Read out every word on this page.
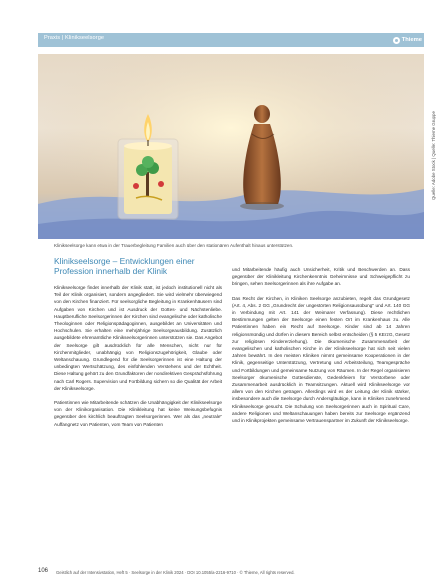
Praxis | Klinikseelsorge	Thieme

Klinikseelsorge kann etwa in der Trauerbegleitung Familien auch über den stationären Aufenthalt hinaus unterstützen.

Quelle: Adobe Stock | Quelle: Thieme Gruppe
Klinikseelsorge – Entwicklungen einer Profession innerhalb der Klinik

Klinikseelsorge findet innerhalb der Klinik statt, ist jedoch institutionell nicht als Teil der Klinik organisiert, sondern angegliedert. Sie wird vielmehr überwiegend von den Kirchen finanziert. Für seelsorgliche Begleitung in Krankenhäusern sind Aufgaben von Kirchen und ist Ausdruck der Gottes- und Nächstenliebe. Hauptberufliche Seelsorgerinnen der Kirchen sind evangelische oder katholische Theologinnen oder Religionspädagoginnen, ausgebildet an Universitäten und Hochschulen. Sie erhalten eine mehrjährige Seelsorgeausbildung. Zusätzlich ausgebildete ehrenamtliche Klinikseelsorgerinnen unterstützen sie. Das Angebot der Seelsorge gilt ausdrücklich für alle Menschen, nicht nur für Kirchenmitglieder, unabhängig von Religionszugehörigkeit, Glaube oder Weltanschauung. Grundlegend für die Seelsorgerinnen ist eine Haltung der unbedingten Wertschätzung, des einfühlenden Verstehens und der Echtheit. Diese Haltung gehört zu den Grundfaktoren der nondirektiven Gesprächsführung nach Carl Rogers. Supervision und Fortbildung sichern so die Qualität der Arbeit der Klinikseelsorge.

Patientinnen wie Mitarbeitende schätzen die Unabhängigkeit der Klinikseelsorge von der Klinikorganisation. Die Klinikleitung hat keine Weisungsbefugnis gegenüber den kirchlich beauftragten Seelsorgerinnen. Wer als das „neutrale“ Auffangnetz von Patienten, vom Team von Patienten

und Mitarbeitende häufig auch Unsicherheit, Kritik und Beschwerden an. Dass gegenüber der Klinikleitung Kirchenkenntnis Geheimnisse und Schweigepflicht zu bringen, sehen Seelsorgerinnen als ihre Aufgabe an.

Das Recht der Kirchen, in Kliniken Seelsorge anzubieten, regelt das Grundgesetz (Art. 4, Abs. 2 GG „Grundrecht der ungestörten Religionsausübung“ und Art. 140 GG in Verbindung mit Art. 141 der Weimarer Verfassung). Diese rechtlichen Bestimmungen gelten der Seelsorge einen festen Ort im Krankenhaus zu. Alle Patientinnen haben ein Recht auf Seelsorge. Kinder sind ab 14 Jahren religionsmündig und dürfen in diesem Bereich selbst entscheiden (§ 5 KErzG, Gesetz zur religiösen Kindererziehung). Die ökumenische Zusammenarbeit der evangelischen und katholischen Kirche in der Klinikseelsorge hat sich seit vielen Jahren bewährt. In den meisten Kliniken nimmt gemeinsame Kooperationen in der Klinik, gegenseitige Unterstützung, Vertretung und Arbeitsteilung, Teamgespräche und Fortbildungen und gemeinsame Nutzung von Räumen. In der Regel organisieren Seelsorger ökumenische Gottesdienste, Gedenkfeiern für Verstorbene oder Zusammenarbeit ausdrücklich in Teamsitzungen. Aktuell wird Klinikseelsorge vor allem von den Kirchen getragen. Allerdings wird es der Leitung der Klinik stärker, insbesondere auch die Seelsorge durch Andersgläubige, kann in Kliniken zunehmend Klinikseelsorge gesucht. Die Schulung von Seelsorgerinnen auch in Spiritual Care, andere Religionen und Weltanschauungen haben bereits zur Seelsorge ergänzend und in Klinikprojekten gemeinsame Vertrauenspartner im Zukunft der Klinikseelsorge.

106 Geistlich auf der Intensivstation, Heft 5 · Seelsorge in der Klinik 2024 · DOI 10.1055/a-2216-9710 · © Thieme, All rights reserved.
